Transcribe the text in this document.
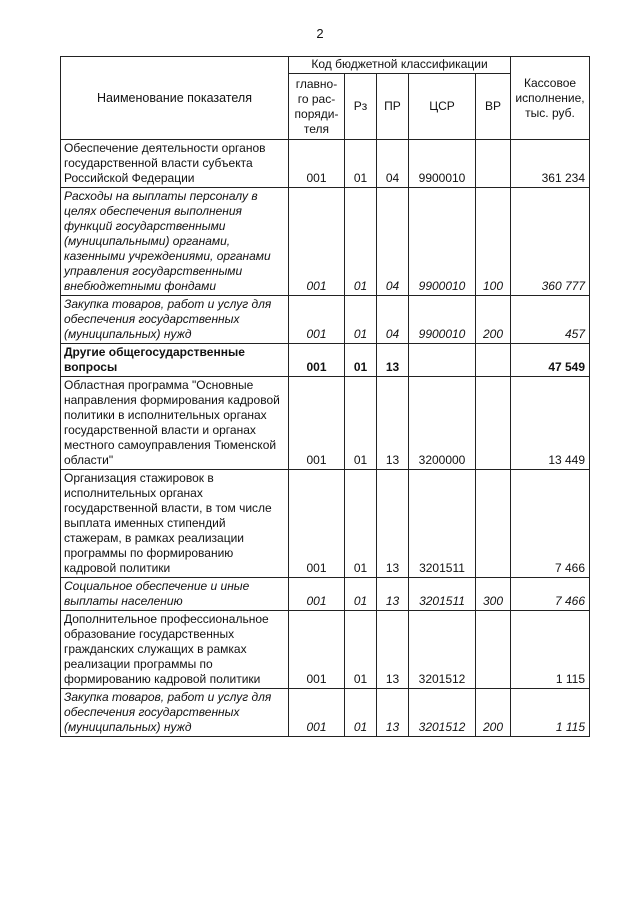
2
Наименование показателя	Код бюджетной классификации					Кассовое исполнение, тыс. руб.
	главно-го рас-поряди-теля	Рз	ПР	ЦСР	ВР	
Обеспечение деятельности органов государственной власти субъекта Российской Федерации	001	01	04	9900010		361 234
Расходы на выплаты персоналу в целях обеспечения выполнения функций государственными (муниципальными) органами, казенными учреждениями, органами управления государственными внебюджетными фондами	001	01	04	9900010	100	360 777
Закупка товаров, работ и услуг для обеспечения государственных (муниципальных) нужд	001	01	04	9900010	200	457
Другие общегосударственные вопросы	001	01	13			47 549
Областная программа "Основные направления формирования кадровой политики в исполнительных органах государственной власти и органах местного самоуправления Тюменской области"	001	01	13	3200000		13 449
Организация стажировок в исполнительных органах государственной власти, в том числе выплата именных стипендий стажерам, в рамках реализации программы по формированию кадровой политики	001	01	13	3201511		7 466
Социальное обеспечение и иные выплаты населению	001	01	13	3201511	300	7 466
Дополнительное профессиональное образование государственных гражданских служащих в рамках реализации программы по формированию кадровой политики	001	01	13	3201512		1 115
Закупка товаров, работ и услуг для обеспечения государственных (муниципальных) нужд	001	01	13	3201512	200	1 115
